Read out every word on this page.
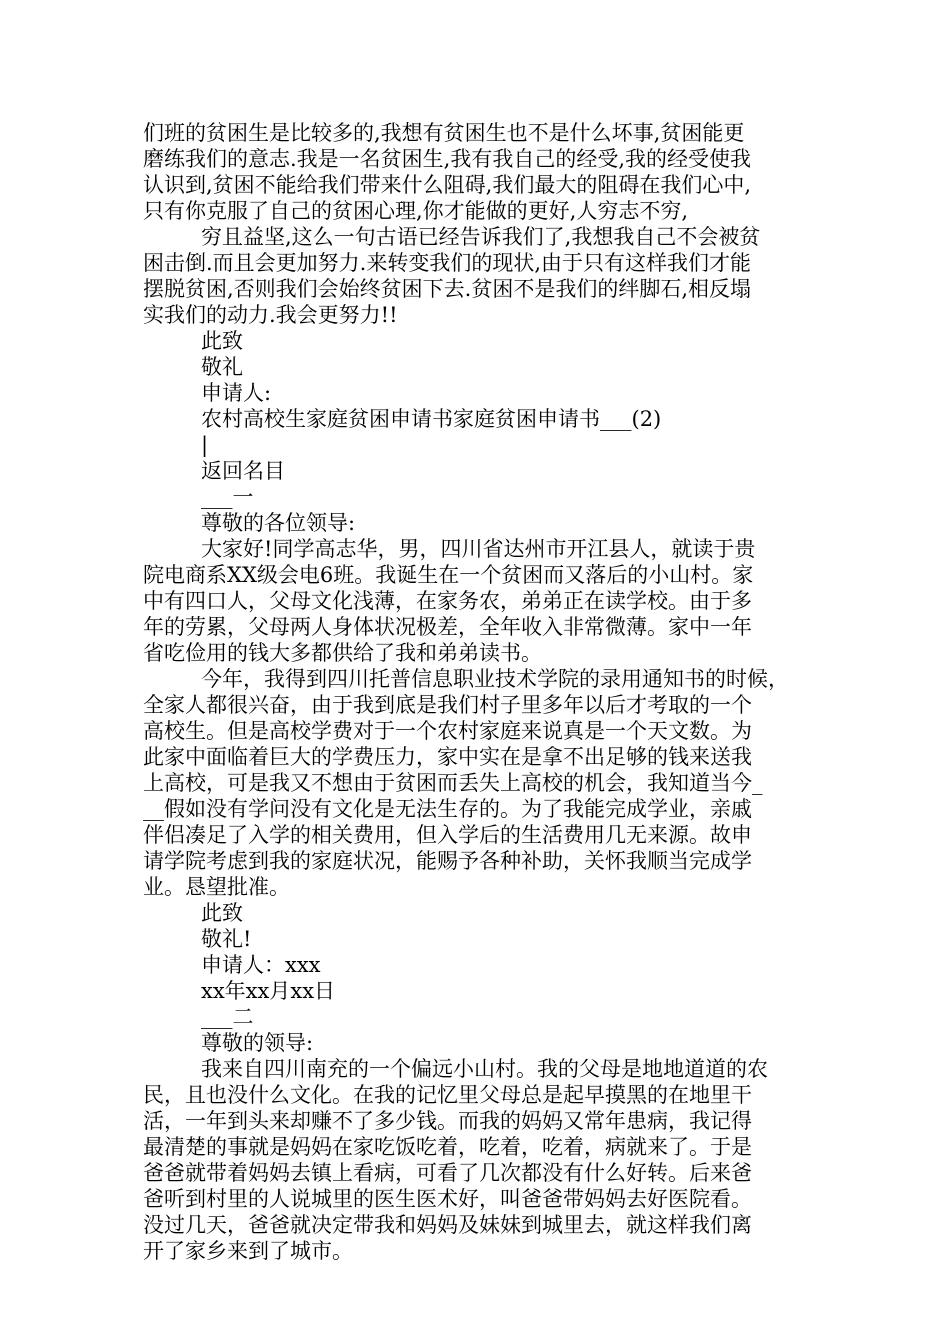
们班的贫困生是比较多的,我想有贫困生也不是什么坏事,贫困能更
磨练我们的意志.我是一名贫困生,我有我自己的经受,我的经受使我
认识到,贫困不能给我们带来什么阻碍,我们最大的阻碍在我们心中,
只有你克服了自己的贫困心理,你才能做的更好,人穷志不穷,
穷且益坚,这么一句古语已经告诉我们了,我想我自己不会被贫
困击倒.而且会更加努力.来转变我们的现状,由于只有这样我们才能
摆脱贫困,否则我们会始终贫困下去.贫困不是我们的绊脚石,相反塌
实我们的动力.我会更努力!!
此致
敬礼
申请人:
农村高校生家庭贫困申请书家庭贫困申请书___(2)
|
返回名目
___一
尊敬的各位领导:
大家好!同学高志华，男，四川省达州市开江县人，就读于贵
院电商系XX级会电6班。我诞生在一个贫困而又落后的小山村。家
中有四口人，父母文化浅薄，在家务农，弟弟正在读学校。由于多
年的劳累，父母两人身体状况极差，全年收入非常微薄。家中一年
省吃俭用的钱大多都供给了我和弟弟读书。
今年，我得到四川托普信息职业技术学院的录用通知书的时候，
全家人都很兴奋，由于我到底是我们村子里多年以后才考取的一个
高校生。但是高校学费对于一个农村家庭来说真是一个天文数。为
此家中面临着巨大的学费压力，家中实在是拿不出足够的钱来送我
上高校，可是我又不想由于贫困而丢失上高校的机会，我知道当今_
__假如没有学问没有文化是无法生存的。为了我能完成学业，亲戚
伴侣凑足了入学的相关费用，但入学后的生活费用几无来源。故申
请学院考虑到我的家庭状况，能赐予各种补助，关怀我顺当完成学
业。恳望批准。
此致
敬礼!
申请人：xxx
xx年xx月xx日
___二
尊敬的领导:
我来自四川南充的一个偏远小山村。我的父母是地地道道的农
民，且也没什么文化。在我的记忆里父母总是起早摸黑的在地里干
活，一年到头来却赚不了多少钱。而我的妈妈又常年患病，我记得
最清楚的事就是妈妈在家吃饭吃着，吃着，吃着，病就来了。于是
爸爸就带着妈妈去镇上看病，可看了几次都没有什么好转。后来爸
爸听到村里的人说城里的医生医术好，叫爸爸带妈妈去好医院看。
没过几天，爸爸就决定带我和妈妈及妹妹到城里去，就这样我们离
开了家乡来到了城市。
